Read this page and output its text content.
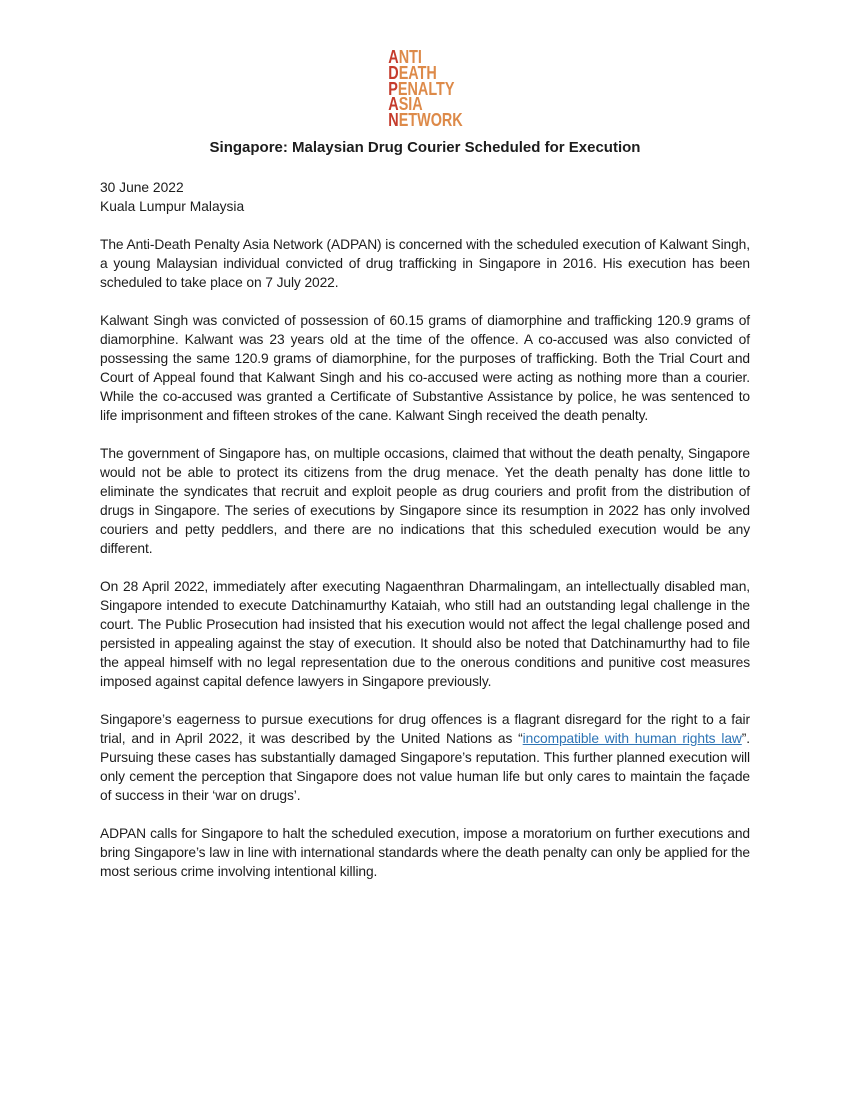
ANTI
DEATH
PENALTY
ASIA
NETWORK
Singapore: Malaysian Drug Courier Scheduled for Execution
30 June 2022
Kuala Lumpur Malaysia

The Anti-Death Penalty Asia Network (ADPAN) is concerned with the scheduled execution of Kalwant Singh, a young Malaysian individual convicted of drug trafficking in Singapore in 2016. His execution has been scheduled to take place on 7 July 2022.

Kalwant Singh was convicted of possession of 60.15 grams of diamorphine and trafficking 120.9 grams of diamorphine. Kalwant was 23 years old at the time of the offence. A co-accused was also convicted of possessing the same 120.9 grams of diamorphine, for the purposes of trafficking. Both the Trial Court and Court of Appeal found that Kalwant Singh and his co-accused were acting as nothing more than a courier. While the co-accused was granted a Certificate of Substantive Assistance by police, he was sentenced to life imprisonment and fifteen strokes of the cane. Kalwant Singh received the death penalty.

The government of Singapore has, on multiple occasions, claimed that without the death penalty, Singapore would not be able to protect its citizens from the drug menace. Yet the death penalty has done little to eliminate the syndicates that recruit and exploit people as drug couriers and profit from the distribution of drugs in Singapore. The series of executions by Singapore since its resumption in 2022 has only involved couriers and petty peddlers, and there are no indications that this scheduled execution would be any different.

On 28 April 2022, immediately after executing Nagaenthran Dharmalingam, an intellectually disabled man, Singapore intended to execute Datchinamurthy Kataiah, who still had an outstanding legal challenge in the court. The Public Prosecution had insisted that his execution would not affect the legal challenge posed and persisted in appealing against the stay of execution. It should also be noted that Datchinamurthy had to file the appeal himself with no legal representation due to the onerous conditions and punitive cost measures imposed against capital defence lawyers in Singapore previously.

Singapore’s eagerness to pursue executions for drug offences is a flagrant disregard for the right to a fair trial, and in April 2022, it was described by the United Nations as “incompatible with human rights law”. Pursuing these cases has substantially damaged Singapore’s reputation. This further planned execution will only cement the perception that Singapore does not value human life but only cares to maintain the façade of success in their ‘war on drugs’.

ADPAN calls for Singapore to halt the scheduled execution, impose a moratorium on further executions and bring Singapore’s law in line with international standards where the death penalty can only be applied for the most serious crime involving intentional killing.
